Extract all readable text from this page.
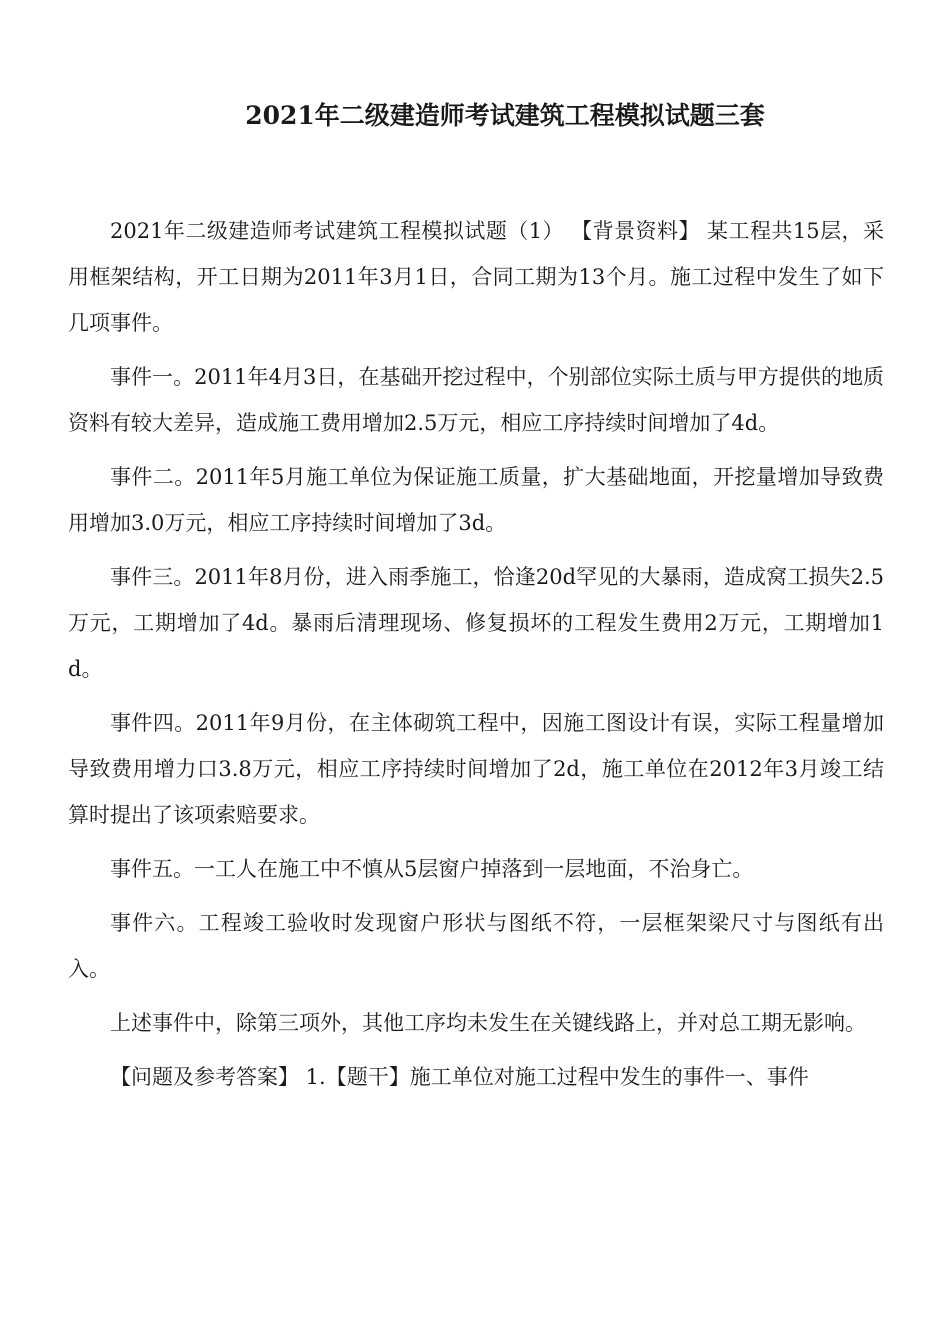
2021年二级建造师考试建筑工程模拟试题三套

2021年二级建造师考试建筑工程模拟试题（1） 【背景资料】 某工程共15层，采用框架结构，开工日期为2011年3月1日，合同工期为13个月。施工过程中发生了如下几项事件。

事件一。2011年4月3日，在基础开挖过程中，个别部位实际土质与甲方提供的地质资料有较大差异，造成施工费用增加2.5万元，相应工序持续时间增加了4d。

事件二。2011年5月施工单位为保证施工质量，扩大基础地面，开挖量增加导致费用增加3.0万元，相应工序持续时间增加了3d。

事件三。2011年8月份，进入雨季施工，恰逢20d罕见的大暴雨，造成窝工损失2.5万元，工期增加了4d。暴雨后清理现场、修复损坏的工程发生费用2万元，工期增加1d。

事件四。2011年9月份，在主体砌筑工程中，因施工图设计有误，实际工程量增加导致费用增力口3.8万元，相应工序持续时间增加了2d，施工单位在2012年3月竣工结算时提出了该项索赔要求。

事件五。一工人在施工中不慎从5层窗户掉落到一层地面，不治身亡。

事件六。工程竣工验收时发现窗户形状与图纸不符，一层框架梁尺寸与图纸有出入。

上述事件中，除第三项外，其他工序均未发生在关键线路上，并对总工期无影响。

【问题及参考答案】 1.【题干】施工单位对施工过程中发生的事件一、事件
